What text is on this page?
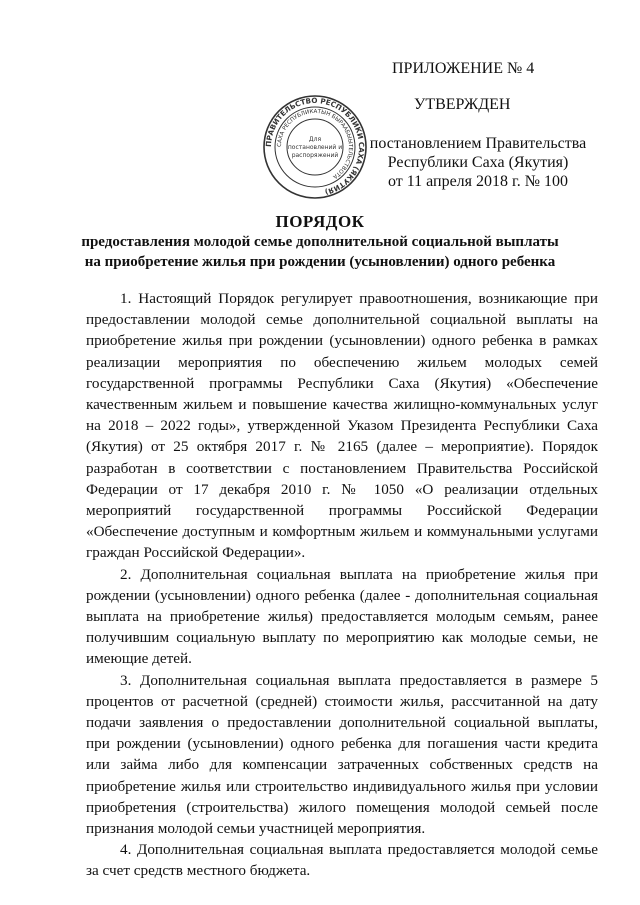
ПРИЛОЖЕНИЕ № 4
УТВЕРЖДЕН
постановлением Правительства
Республики Саха (Якутия)
от 11 апреля 2018 г. № 100
ПРАВИТЕЛЬСТВО РЕСПУБЛИКИ САХА (ЯКУТИЯ)
САХА РЕСПУБЛИКАТЫН БЫРААБЫЫТЕЛЬСТВОТА
Для
постановлений и
распоряжений
ПОРЯДОК
предоставления молодой семье дополнительной социальной выплаты
на приобретение жилья при рождении (усыновлении) одного ребенка

1. Настоящий Порядок регулирует правоотношения, возникающие при предоставлении молодой семье дополнительной социальной выплаты на приобретение жилья при рождении (усыновлении) одного ребенка в рамках реализации мероприятия по обеспечению жильем молодых семей государственной программы Республики Саха (Якутия) «Обеспечение качественным жильем и повышение качества жилищно-коммунальных услуг на 2018 – 2022 годы», утвержденной Указом Президента Республики Саха (Якутия) от 25 октября 2017 г. № 2165 (далее – мероприятие). Порядок разработан в соответствии с постановлением Правительства Российской Федерации от 17 декабря 2010 г. № 1050 «О реализации отдельных мероприятий государственной программы Российской Федерации «Обеспечение доступным и комфортным жильем и коммунальными услугами граждан Российской Федерации».

2. Дополнительная социальная выплата на приобретение жилья при рождении (усыновлении) одного ребенка (далее - дополнительная социальная выплата на приобретение жилья) предоставляется молодым семьям, ранее получившим социальную выплату по мероприятию как молодые семьи, не имеющие детей.

3. Дополнительная социальная выплата предоставляется в размере 5 процентов от расчетной (средней) стоимости жилья, рассчитанной на дату подачи заявления о предоставлении дополнительной социальной выплаты, при рождении (усыновлении) одного ребенка для погашения части кредита или займа либо для компенсации затраченных собственных средств на приобретение жилья или строительство индивидуального жилья при условии приобретения (строительства) жилого помещения молодой семьей после признания молодой семьи участницей мероприятия.

4. Дополнительная социальная выплата предоставляется молодой семье за счет средств местного бюджета.
